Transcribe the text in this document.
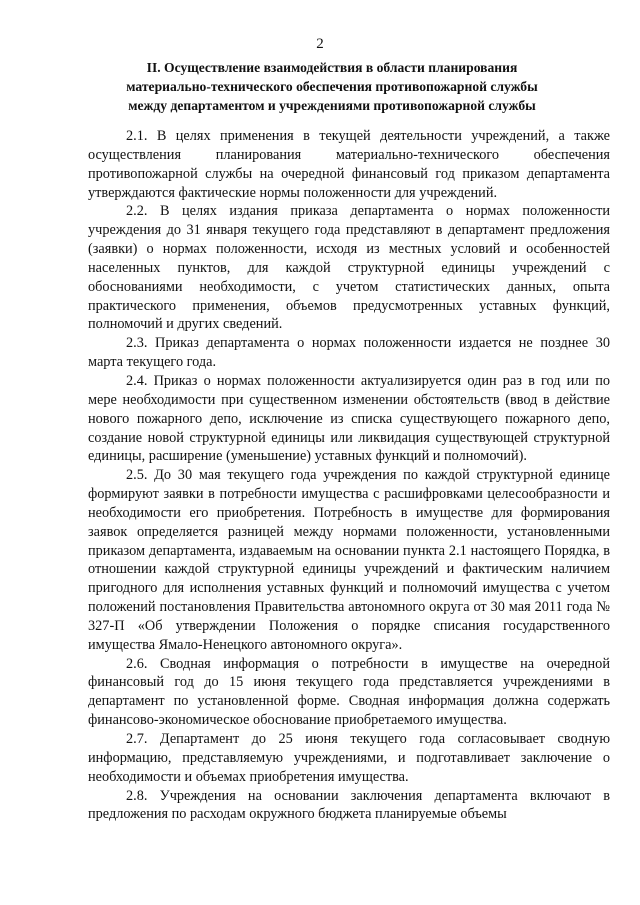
2
II. Осуществление взаимодействия в области планирования
материально-технического обеспечения противопожарной службы
между департаментом и учреждениями противопожарной службы

2.1. В целях применения в текущей деятельности учреждений, а также осуществления планирования материально-технического обеспечения противопожарной службы на очередной финансовый год приказом департамента утверждаются фактические нормы положенности для учреждений.

2.2. В целях издания приказа департамента о нормах положенности учреждения до 31 января текущего года представляют в департамент предложения (заявки) о нормах положенности, исходя из местных условий и особенностей населенных пунктов, для каждой структурной единицы учреждений с обоснованиями необходимости, с учетом статистических данных, опыта практического применения, объемов предусмотренных уставных функций, полномочий и других сведений.

2.3. Приказ департамента о нормах положенности издается не позднее 30 марта текущего года.

2.4. Приказ о нормах положенности актуализируется один раз в год или по мере необходимости при существенном изменении обстоятельств (ввод в действие нового пожарного депо, исключение из списка существующего пожарного депо, создание новой структурной единицы или ликвидация существующей структурной единицы, расширение (уменьшение) уставных функций и полномочий).

2.5. До 30 мая текущего года учреждения по каждой структурной единице формируют заявки в потребности имущества с расшифровками целесообразности и необходимости его приобретения. Потребность в имуществе для формирования заявок определяется разницей между нормами положенности, установленными приказом департамента, издаваемым на основании пункта 2.1 настоящего Порядка, в отношении каждой структурной единицы учреждений и фактическим наличием пригодного для исполнения уставных функций и полномочий имущества с учетом положений постановления Правительства автономного округа от 30 мая 2011 года № 327-П «Об утверждении Положения о порядке списания государственного имущества Ямало-Ненецкого автономного округа».

2.6. Сводная информация о потребности в имуществе на очередной финансовый год до 15 июня текущего года представляется учреждениями в департамент по установленной форме. Сводная информация должна содержать финансово-экономическое обоснование приобретаемого имущества.

2.7. Департамент до 25 июня текущего года согласовывает сводную информацию, представляемую учреждениями, и подготавливает заключение о необходимости и объемах приобретения имущества.

2.8. Учреждения на основании заключения департамента включают в предложения по расходам окружного бюджета планируемые объемы
